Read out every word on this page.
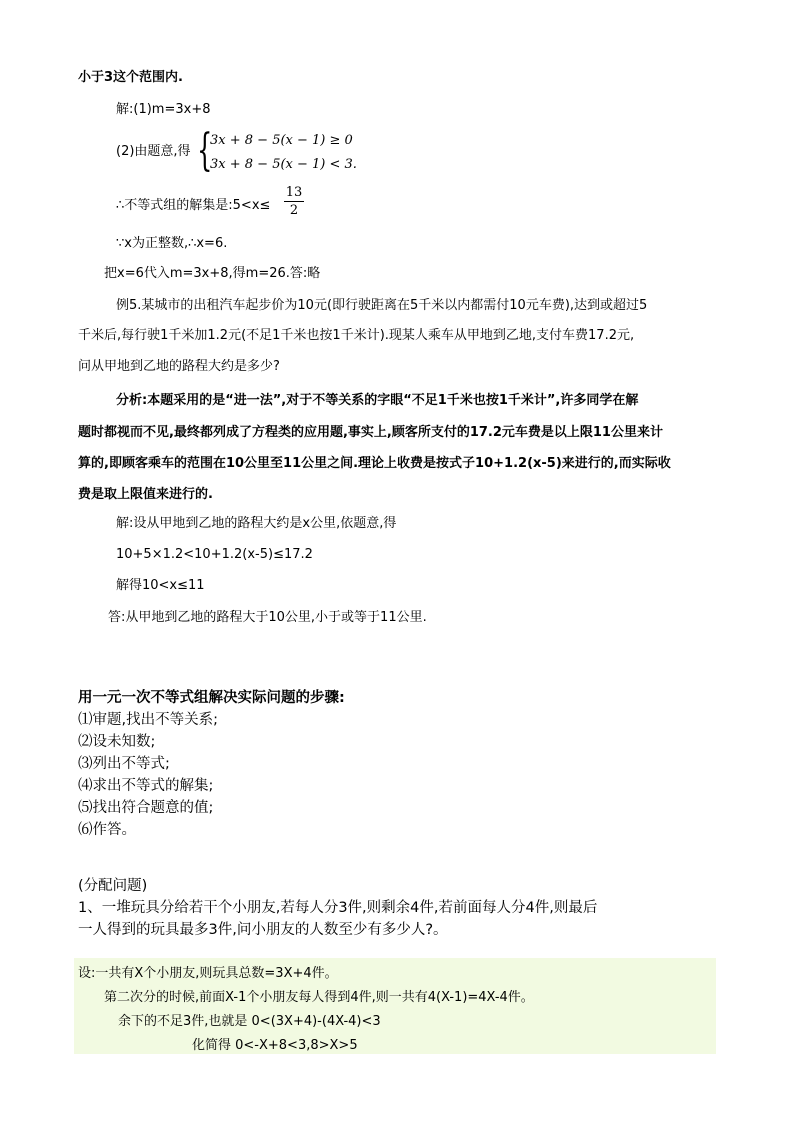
小于3这个范围内.
解:(1)m=3x+8
(2)由题意,得 {
3x + 8 − 5(x − 1) ≥ 0
3x + 8 − 5(x − 1) < 3.
∴不等式组的解集是:5<x≤
13
2
∵x为正整数,∴x=6.
把x=6代入m=3x+8,得m=26.答:略
例5.某城市的出租汽车起步价为10元(即行驶距离在5千米以内都需付10元车费),达到或超过5
千米后,每行驶1千米加1.2元(不足1千米也按1千米计).现某人乘车从甲地到乙地,支付车费17.2元,
问从甲地到乙地的路程大约是多少?
分析:本题采用的是“进一法”,对于不等关系的字眼“不足1千米也按1千米计”,许多同学在解
题时都视而不见,最终都列成了方程类的应用题,事实上,顾客所支付的17.2元车费是以上限11公里来计
算的,即顾客乘车的范围在10公里至11公里之间.理论上收费是按式子10+1.2(x-5)来进行的,而实际收
费是取上限值来进行的.
解:设从甲地到乙地的路程大约是x公里,依题意,得
10+5×1.2<10+1.2(x-5)≤17.2
解得10<x≤11
答:从甲地到乙地的路程大于10公里,小于或等于11公里.
用一元一次不等式组解决实际问题的步骤:
⑴审题,找出不等关系;
⑵设未知数;
⑶列出不等式;
⑷求出不等式的解集;
⑸找出符合题意的值;
⑹作答。
(分配问题)
1、一堆玩具分给若干个小朋友,若每人分3件,则剩余4件,若前面每人分4件,则最后
一人得到的玩具最多3件,问小朋友的人数至少有多少人?。
设:一共有X个小朋友,则玩具总数=3X+4件。
第二次分的时候,前面X-1个小朋友每人得到4件,则一共有4(X-1)=4X-4件。
余下的不足3件,也就是 0<(3X+4)-(4X-4)<3
化简得 0<-X+8<3,8>X>5
